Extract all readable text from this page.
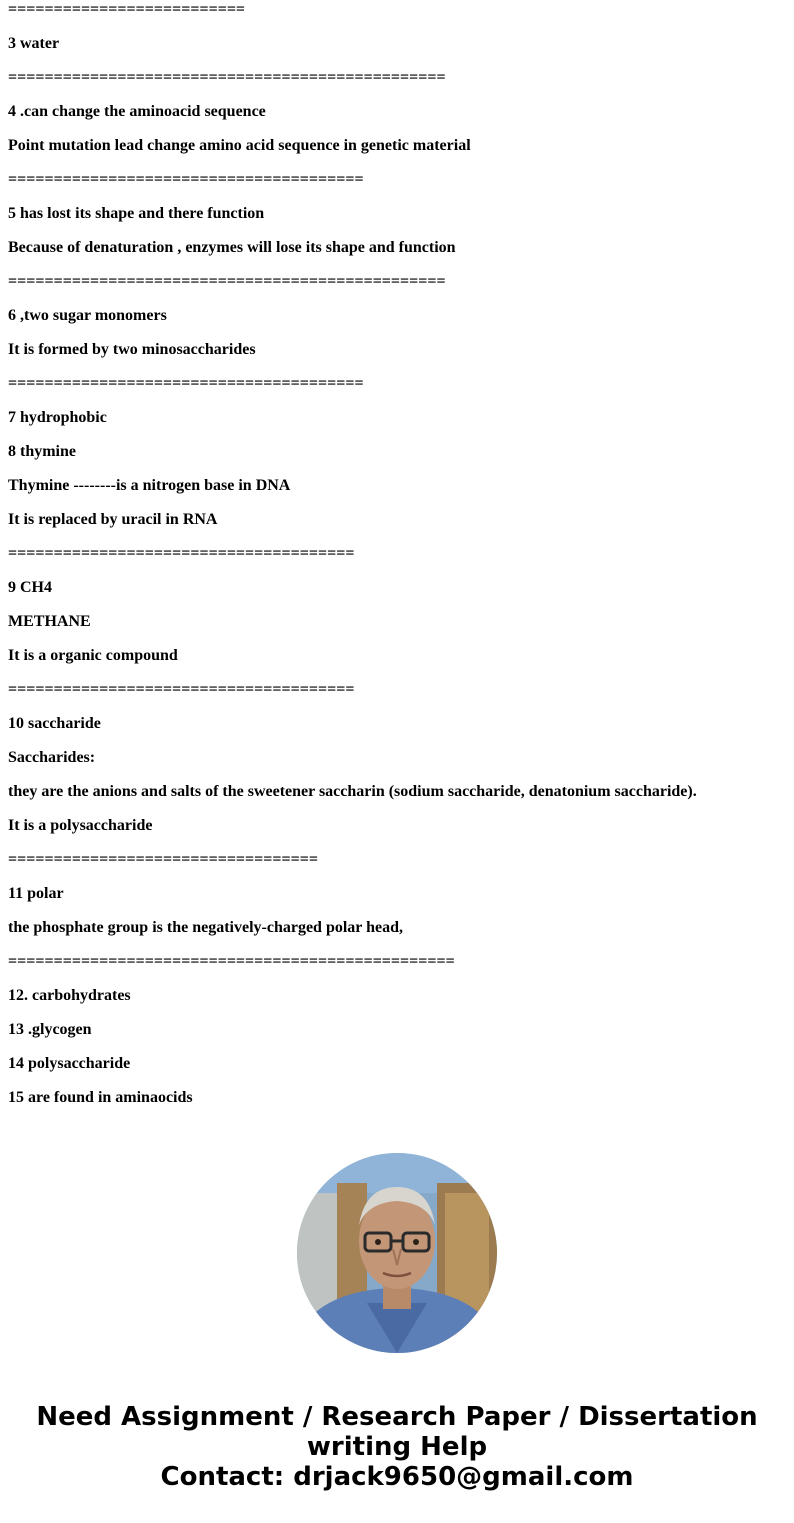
==========================
3 water
================================================
4 .can change the aminoacid sequence
Point mutation lead change amino acid sequence in genetic material
=======================================
5 has lost its shape and there function
Because of denaturation , enzymes will lose its shape and function
================================================
6 ,two sugar monomers
It is formed by two minosaccharides
=======================================
7 hydrophobic
8 thymine
Thymine --------is a nitrogen base in DNA
It is replaced by uracil in RNA
======================================
9 CH4
METHANE
It is a organic compound
======================================
10 saccharide
Saccharides:
they are the anions and salts of the sweetener saccharin (sodium saccharide, denatonium saccharide).
It is a polysaccharide
==================================
11 polar
the phosphate group is the negatively-charged polar head,
=================================================
12. carbohydrates
13 .glycogen
14 polysaccharide
15 are found in aminaocids
Need Assignment / Research Paper / Dissertation
writing Help
Contact: drjack9650@gmail.com
